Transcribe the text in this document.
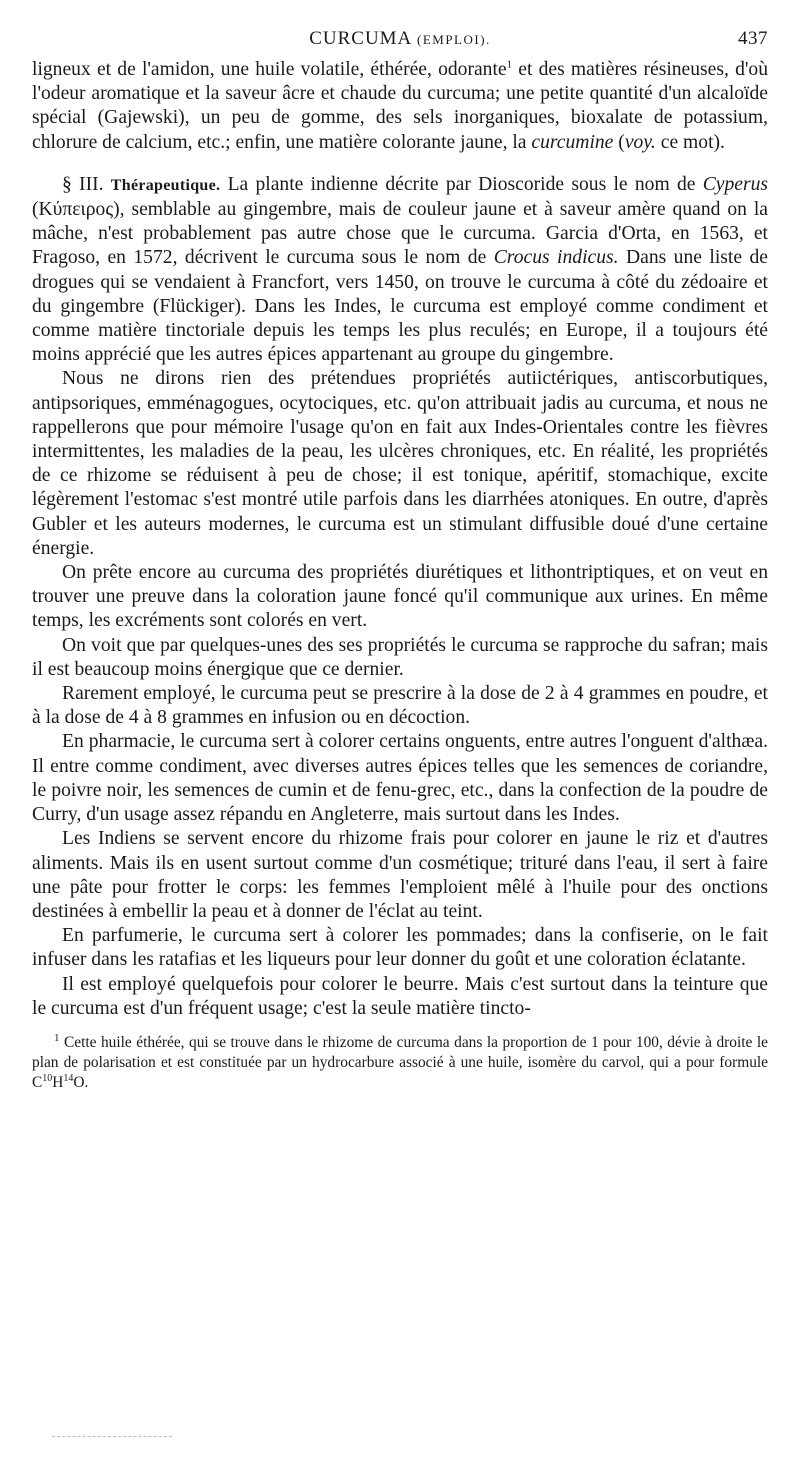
CURCUMA (EMPLOI).	437

ligneux et de l'amidon, une huile volatile, éthérée, odorante$^1$ et des matières résineuses, d'où l'odeur aromatique et la saveur âcre et chaude du curcuma; une petite quantité d'un alcaloïde spécial (Gajewski), un peu de gomme, des sels inorganiques, bioxalate de potassium, chlorure de calcium, etc.; enfin, une matière colorante jaune, la curcumine (voy. ce mot).

§ III. Thérapeutique. La plante indienne décrite par Dioscoride sous le nom de Cyperus (Κύπειρος), semblable au gingembre, mais de couleur jaune et à saveur amère quand on la mâche, n'est probablement pas autre chose que le curcuma. Garcia d'Orta, en 1563, et Fragoso, en 1572, décrivent le curcuma sous le nom de Crocus indicus. Dans une liste de drogues qui se vendaient à Francfort, vers 1450, on trouve le curcuma à côté du zédoaire et du gingembre (Flückiger). Dans les Indes, le curcuma est employé comme condiment et comme matière tinctoriale depuis les temps les plus reculés; en Europe, il a toujours été moins apprécié que les autres épices appartenant au groupe du gingembre.

Nous ne dirons rien des prétendues propriétés autiictériques, antiscorbutiques, antipsoriques, emménagogues, ocytociques, etc. qu'on attribuait jadis au curcuma, et nous ne rappellerons que pour mémoire l'usage qu'on en fait aux Indes-Orientales contre les fièvres intermittentes, les maladies de la peau, les ulcères chroniques, etc. En réalité, les propriétés de ce rhizome se réduisent à peu de chose; il est tonique, apéritif, stomachique, excite légèrement l'estomac s'est montré utile parfois dans les diarrhées atoniques. En outre, d'après Gubler et les auteurs modernes, le curcuma est un stimulant diffusible doué d'une certaine énergie.

On prête encore au curcuma des propriétés diurétiques et lithontriptiques, et on veut en trouver une preuve dans la coloration jaune foncé qu'il communique aux urines. En même temps, les excréments sont colorés en vert.

On voit que par quelques-unes des ses propriétés le curcuma se rapproche du safran; mais il est beaucoup moins énergique que ce dernier.

Rarement employé, le curcuma peut se prescrire à la dose de 2 à 4 grammes en poudre, et à la dose de 4 à 8 grammes en infusion ou en décoction.

En pharmacie, le curcuma sert à colorer certains onguents, entre autres l'onguent d'althæa. Il entre comme condiment, avec diverses autres épices telles que les semences de coriandre, le poivre noir, les semences de cumin et de fenu-grec, etc., dans la confection de la poudre de Curry, d'un usage assez répandu en Angleterre, mais surtout dans les Indes.

Les Indiens se servent encore du rhizome frais pour colorer en jaune le riz et d'autres aliments. Mais ils en usent surtout comme d'un cosmétique; trituré dans l'eau, il sert à faire une pâte pour frotter le corps: les femmes l'emploient mêlé à l'huile pour des onctions destinées à embellir la peau et à donner de l'éclat au teint.

En parfumerie, le curcuma sert à colorer les pommades; dans la confiserie, on le fait infuser dans les ratafias et les liqueurs pour leur donner du goût et une coloration éclatante.

Il est employé quelquefois pour colorer le beurre. Mais c'est surtout dans la teinture que le curcuma est d'un fréquent usage; c'est la seule matière tincto-

$^1$ Cette huile éthérée, qui se trouve dans le rhizome de curcuma dans la proportion de 1 pour 100, dévie à droite le plan de polarisation et est constituée par un hydrocarbure associé à une huile, isomère du carvol, qui a pour formule $C^{10}H^{14}O$.
